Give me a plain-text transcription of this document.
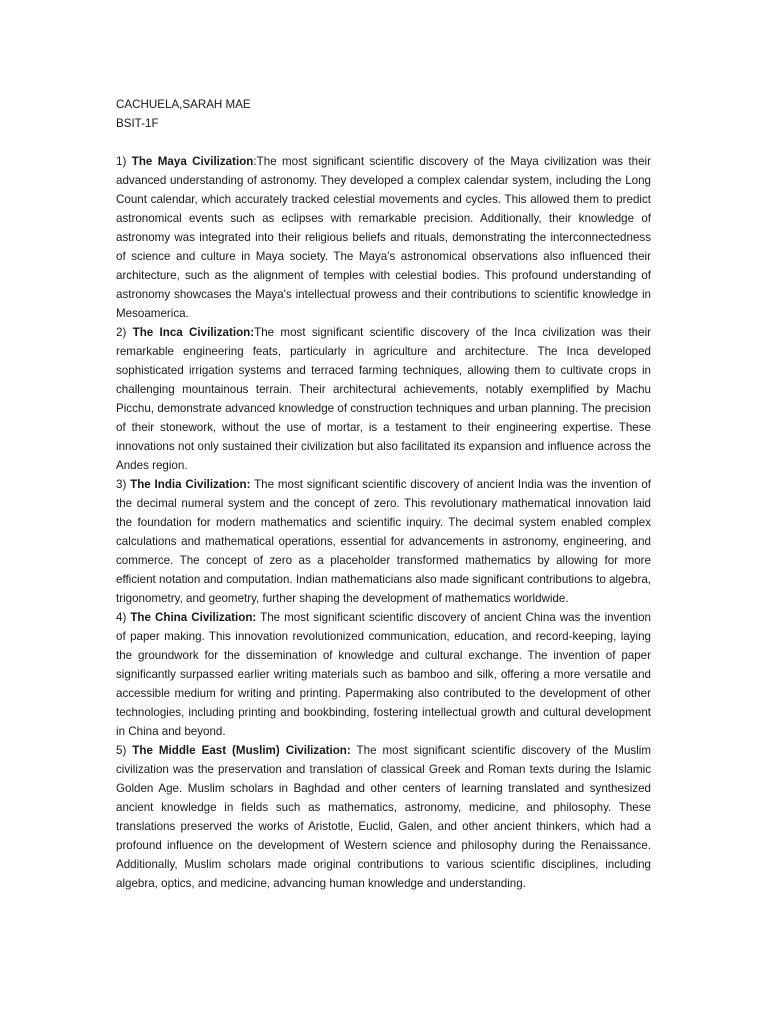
CACHUELA,SARAH MAE

BSIT-1F

1) The Maya Civilization:The most significant scientific discovery of the Maya civilization was their advanced understanding of astronomy. They developed a complex calendar system, including the Long Count calendar, which accurately tracked celestial movements and cycles. This allowed them to predict astronomical events such as eclipses with remarkable precision. Additionally, their knowledge of astronomy was integrated into their religious beliefs and rituals, demonstrating the interconnectedness of science and culture in Maya society. The Maya's astronomical observations also influenced their architecture, such as the alignment of temples with celestial bodies. This profound understanding of astronomy showcases the Maya's intellectual prowess and their contributions to scientific knowledge in Mesoamerica.

2) The Inca Civilization:The most significant scientific discovery of the Inca civilization was their remarkable engineering feats, particularly in agriculture and architecture. The Inca developed sophisticated irrigation systems and terraced farming techniques, allowing them to cultivate crops in challenging mountainous terrain. Their architectural achievements, notably exemplified by Machu Picchu, demonstrate advanced knowledge of construction techniques and urban planning. The precision of their stonework, without the use of mortar, is a testament to their engineering expertise. These innovations not only sustained their civilization but also facilitated its expansion and influence across the Andes region.

3) The India Civilization: The most significant scientific discovery of ancient India was the invention of the decimal numeral system and the concept of zero. This revolutionary mathematical innovation laid the foundation for modern mathematics and scientific inquiry. The decimal system enabled complex calculations and mathematical operations, essential for advancements in astronomy, engineering, and commerce. The concept of zero as a placeholder transformed mathematics by allowing for more efficient notation and computation. Indian mathematicians also made significant contributions to algebra, trigonometry, and geometry, further shaping the development of mathematics worldwide.

4) The China Civilization: The most significant scientific discovery of ancient China was the invention of paper making. This innovation revolutionized communication, education, and record-keeping, laying the groundwork for the dissemination of knowledge and cultural exchange. The invention of paper significantly surpassed earlier writing materials such as bamboo and silk, offering a more versatile and accessible medium for writing and printing. Papermaking also contributed to the development of other technologies, including printing and bookbinding, fostering intellectual growth and cultural development in China and beyond.

5) The Middle East (Muslim) Civilization: The most significant scientific discovery of the Muslim civilization was the preservation and translation of classical Greek and Roman texts during the Islamic Golden Age. Muslim scholars in Baghdad and other centers of learning translated and synthesized ancient knowledge in fields such as mathematics, astronomy, medicine, and philosophy. These translations preserved the works of Aristotle, Euclid, Galen, and other ancient thinkers, which had a profound influence on the development of Western science and philosophy during the Renaissance. Additionally, Muslim scholars made original contributions to various scientific disciplines, including algebra, optics, and medicine, advancing human knowledge and understanding.
